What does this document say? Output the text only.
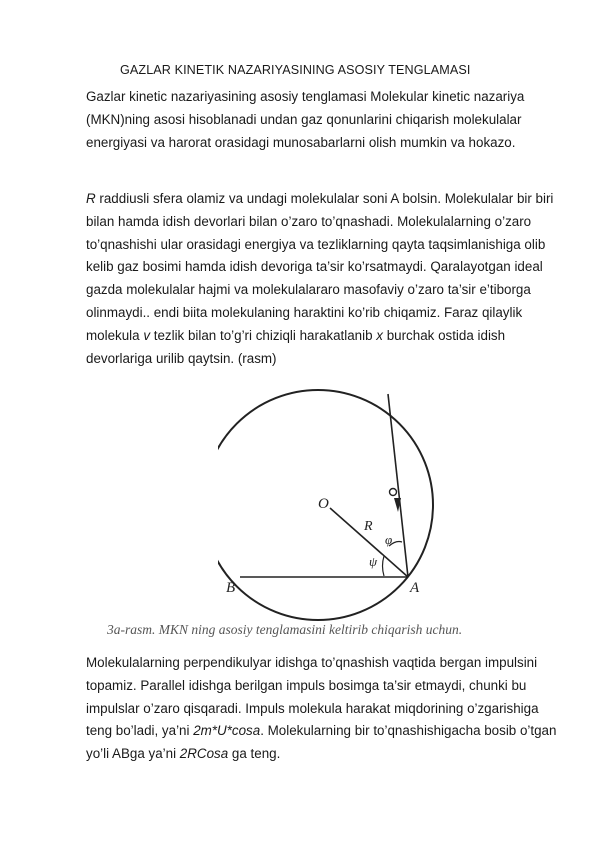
GAZLAR KINETIK NAZARIYASINING ASOSIY TENGLAMASI

Gazlar kinetic nazariyasining asosiy tenglamasi Molekular kinetic nazariya (MKN)ning asosi hisoblanadi undan gaz qonunlarini chiqarish molekulalar energiyasi va harorat orasidagi munosabarlarni olish mumkin va hokazo.

R raddiusli sfera olamiz va undagi molekulalar soni A bolsin. Molekulalar bir biri bilan hamda idish devorlari bilan o’zaro to’qnashadi. Molekulalarning o’zaro to’qnashishi ular orasidagi energiya va tezliklarning qayta taqsimlanishiga olib kelib gaz bosimi hamda idish devoriga ta’sir ko’rsatmaydi. Qaralayotgan ideal gazda molekulalar hajmi va molekulalararo masofaviy o’zaro ta’sir e’tiborga olinmaydi.. endi biita molekulaning haraktini ko’rib chiqamiz. Faraz qilaylik molekula v tezlik bilan to’g’ri chiziqli harakatlanib x burchak ostida idish devorlariga urilib qaytsin. (rasm)

O
R
B	A
φ
ψ
3a-rasm. MKN ning asosiy tenglamasini keltirib chiqarish uchun.

Molekulalarning perpendikulyar idishga to’qnashish vaqtida bergan impulsini topamiz. Parallel idishga berilgan impuls bosimga ta’sir etmaydi, chunki bu impulslar o’zaro qisqaradi. Impuls molekula harakat miqdorining o’zgarishiga teng bo’ladi, ya’ni 2m*U*cosa. Molekularning bir to’qnashishigacha bosib o’tgan yo’li ABga ya’ni 2RCosa ga teng.
